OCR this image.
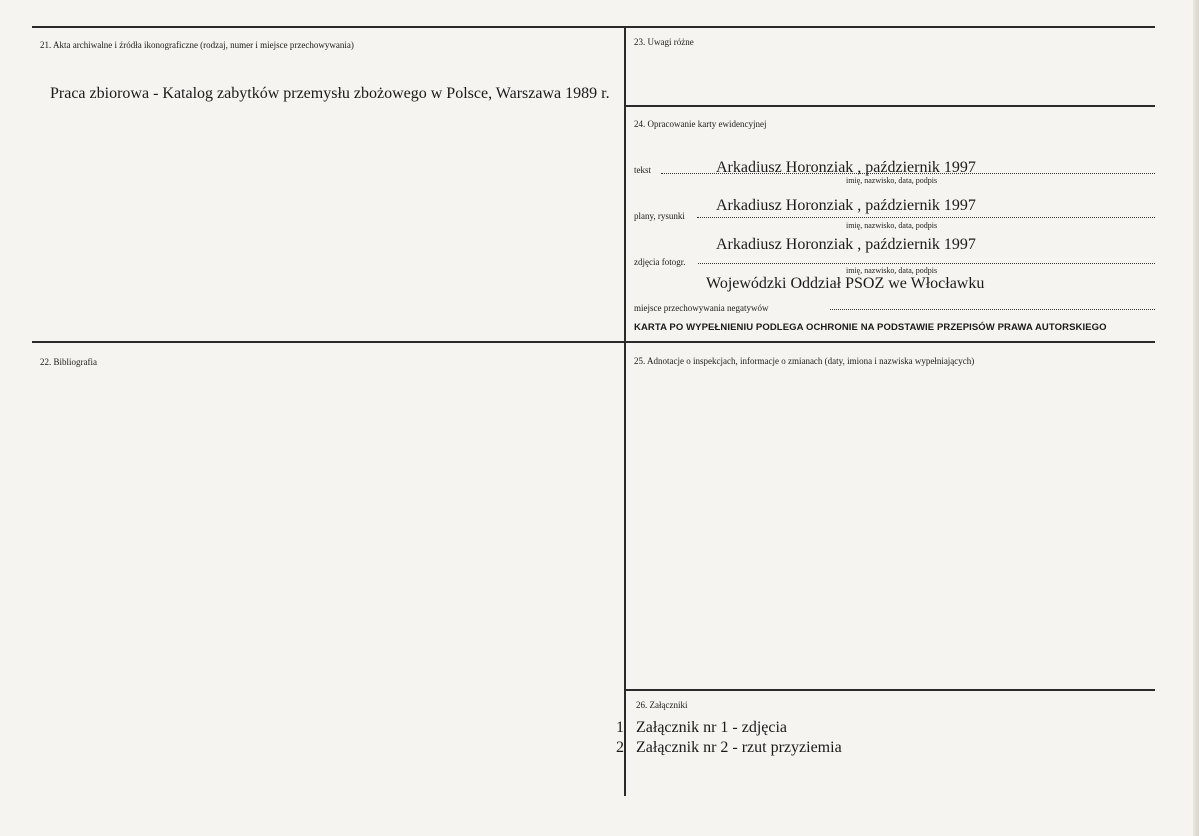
21. Akta archiwalne i źródła ikonograficzne (rodzaj, numer i miejsce przechowywania)
Praca zbiorowa - Katalog zabytków przemysłu zbożowego w Polsce, Warszawa 1989 r.
22. Bibliografia
23. Uwagi różne
24. Opracowanie karty ewidencyjnej
tekst	Arkadiusz Horonziak , październik 1997
imię, nazwisko, data, podpis
Arkadiusz Horonziak , październik 1997
plany, rysunki
imię, nazwisko, data, podpis
Arkadiusz Horonziak , październik 1997
zdjęcia fotogr.
imię, nazwisko, data, podpis
Wojewódzki Oddział PSOZ we Włocławku
miejsce przechowywania negatywów
KARTA PO WYPEŁNIENIU PODLEGA OCHRONIE NA PODSTAWIE PRZEPISÓW PRAWA AUTORSKIEGO
25. Adnotacje o inspekcjach, informacje o zmianach (daty, imiona i nazwiska wypełniających)
26. Załączniki
1 Załącznik nr 1 - zdjęcia
2 Załącznik nr 2 - rzut przyziemia
